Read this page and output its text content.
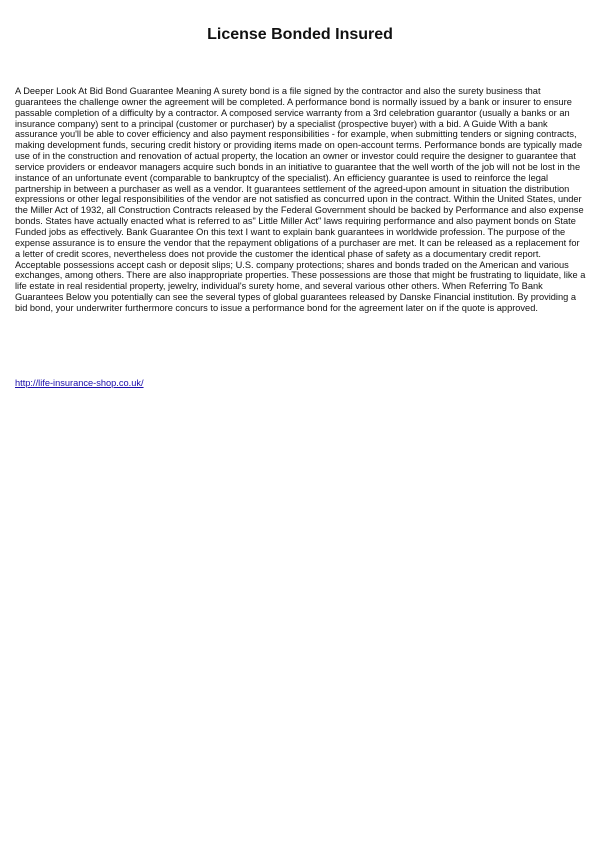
License Bonded Insured

A Deeper Look At Bid Bond Guarantee Meaning A surety bond is a file signed by the contractor and also the surety business that guarantees the challenge owner the agreement will be completed. A performance bond is normally issued by a bank or insurer to ensure passable completion of a difficulty by a contractor. A composed service warranty from a 3rd celebration guarantor (usually a banks or an insurance company) sent to a principal (customer or purchaser) by a specialist (prospective buyer) with a bid. A Guide With a bank assurance you'll be able to cover efficiency and also payment responsibilities - for example, when submitting tenders or signing contracts, making development funds, securing credit history or providing items made on open-account terms. Performance bonds are typically made use of in the construction and renovation of actual property, the location an owner or investor could require the designer to guarantee that service providers or endeavor managers acquire such bonds in an initiative to guarantee that the well worth of the job will not be lost in the instance of an unfortunate event (comparable to bankruptcy of the specialist). An efficiency guarantee is used to reinforce the legal partnership in between a purchaser as well as a vendor. It guarantees settlement of the agreed-upon amount in situation the distribution expressions or other legal responsibilities of the vendor are not satisfied as concurred upon in the contract. Within the United States, under the Miller Act of 1932, all Construction Contracts released by the Federal Government should be backed by Performance and also expense bonds. States have actually enacted what is referred to as" Little Miller Act" laws requiring performance and also payment bonds on State Funded jobs as effectively. Bank Guarantee On this text I want to explain bank guarantees in worldwide profession. The purpose of the expense assurance is to ensure the vendor that the repayment obligations of a purchaser are met. It can be released as a replacement for a letter of credit scores, nevertheless does not provide the customer the identical phase of safety as a documentary credit report. Acceptable possessions accept cash or deposit slips; U.S. company protections; shares and bonds traded on the American and various exchanges, among others. There are also inappropriate properties. These possessions are those that might be frustrating to liquidate, like a life estate in real residential property, jewelry, individual's surety home, and several various other others. When Referring To Bank Guarantees Below you potentially can see the several types of global guarantees released by Danske Financial institution. By providing a bid bond, your underwriter furthermore concurs to issue a performance bond for the agreement later on if the quote is approved.

http://life-insurance-shop.co.uk/
